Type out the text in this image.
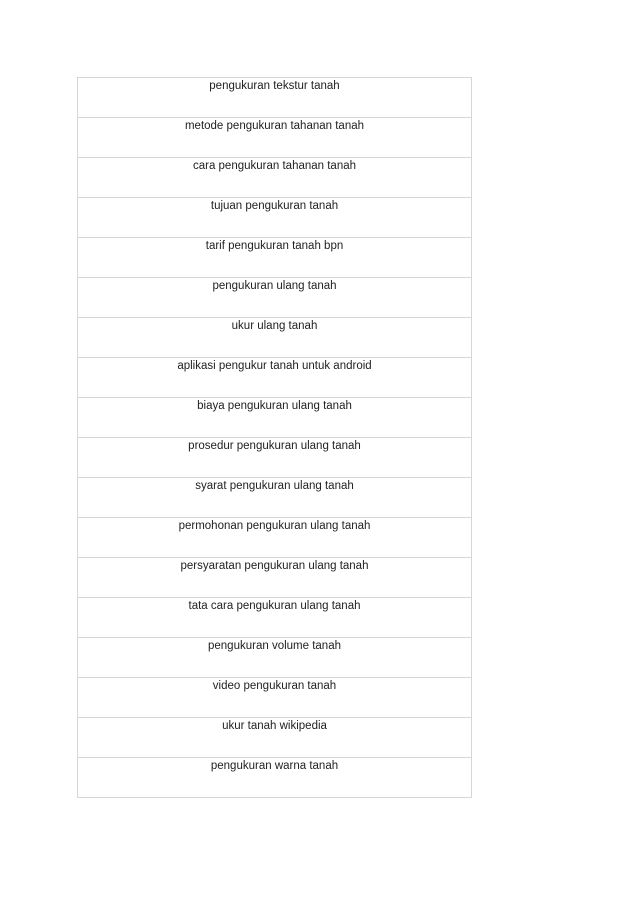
pengukuran tekstur tanah
metode pengukuran tahanan tanah
cara pengukuran tahanan tanah
tujuan pengukuran tanah
tarif pengukuran tanah bpn
pengukuran ulang tanah
ukur ulang tanah
aplikasi pengukur tanah untuk android
biaya pengukuran ulang tanah
prosedur pengukuran ulang tanah
syarat pengukuran ulang tanah
permohonan pengukuran ulang tanah
persyaratan pengukuran ulang tanah
tata cara pengukuran ulang tanah
pengukuran volume tanah
video pengukuran tanah
ukur tanah wikipedia
pengukuran warna tanah
